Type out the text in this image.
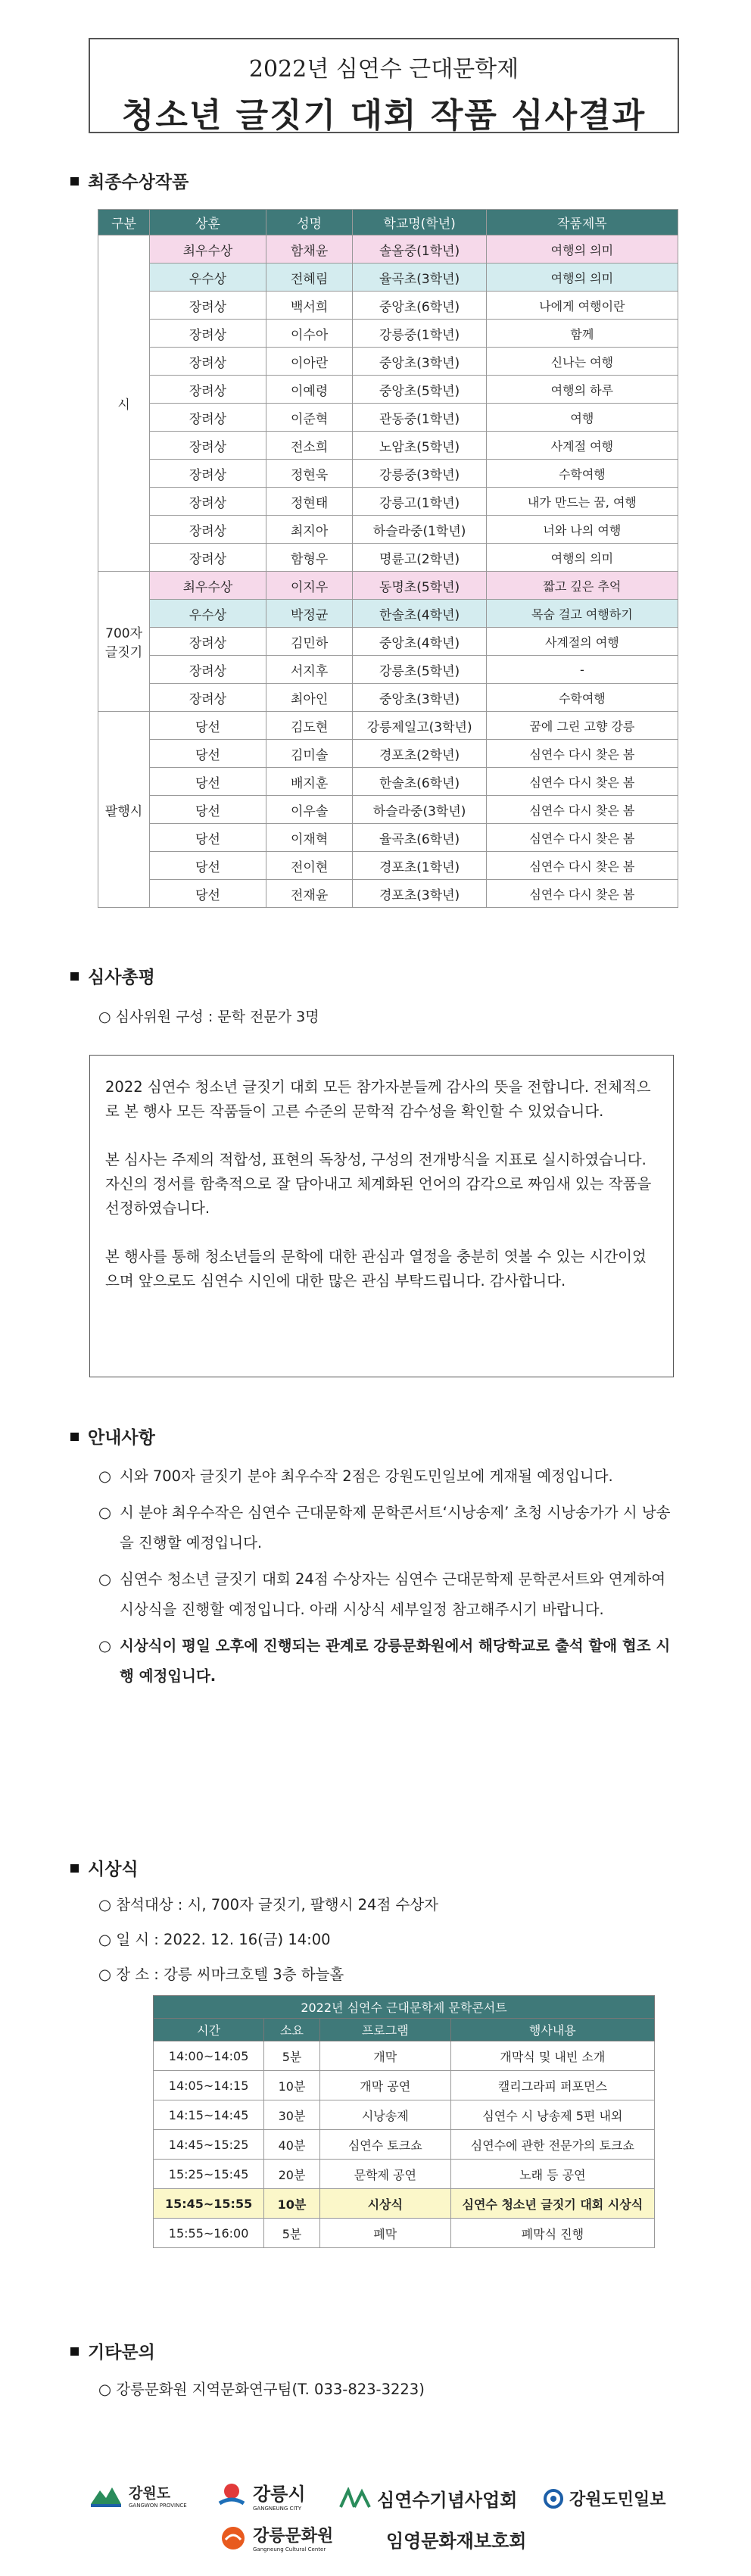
2022년 심연수 근대문학제
청소년 글짓기 대회 작품 심사결과
최종수상작품
구분	상훈	성명	학교명(학년)	작품제목
시	최우수상	함채윤	솔올중(1학년)	여행의 의미
	우수상	전혜림	율곡초(3학년)	여행의 의미
	장려상	백서희	중앙초(6학년)	나에게 여행이란
	장려상	이수아	강릉중(1학년)	함께
	장려상	이아란	중앙초(3학년)	신나는 여행
	장려상	이예령	중앙초(5학년)	여행의 하루
	장려상	이준혁	관동중(1학년)	여행
	장려상	전소희	노암초(5학년)	사계절 여행
	장려상	정현욱	강릉중(3학년)	수학여행
	장려상	정현태	강릉고(1학년)	내가 만드는 꿈, 여행
	장려상	최지아	하슬라중(1학년)	너와 나의 여행
	장려상	함형우	명륜고(2학년)	여행의 의미
700자
글짓기	최우수상	이지우	동명초(5학년)	짧고 깊은 추억
	우수상	박정균	한솔초(4학년)	목숨 걸고 여행하기
	장려상	김민하	중앙초(4학년)	사계절의 여행
	장려상	서지후	강릉초(5학년)	-
	장려상	최아인	중앙초(3학년)	수학여행
팔행시	당선	김도현	강릉제일고(3학년)	꿈에 그린 고향 강릉
	당선	김미솔	경포초(2학년)	심연수 다시 찾은 봄
	당선	배지훈	한솔초(6학년)	심연수 다시 찾은 봄
	당선	이우솔	하슬라중(3학년)	심연수 다시 찾은 봄
	당선	이재혁	율곡초(6학년)	심연수 다시 찾은 봄
	당선	전이현	경포초(1학년)	심연수 다시 찾은 봄
	당선	전재윤	경포초(3학년)	심연수 다시 찾은 봄
심사총평
○ 심사위원 구성 : 문학 전문가 3명

2022 심연수 청소년 글짓기 대회 모든 참가자분들께 감사의 뜻을 전합니다. 전체적으로 본 행사 모든 작품들이 고른 수준의 문학적 감수성을 확인할 수 있었습니다.

본 심사는 주제의 적합성, 표현의 독창성, 구성의 전개방식을 지표로 실시하였습니다. 자신의 정서를 함축적으로 잘 담아내고 체계화된 언어의 감각으로 짜임새 있는 작품을 선정하였습니다.

본 행사를 통해 청소년들의 문학에 대한 관심과 열정을 충분히 엿볼 수 있는 시간이었으며 앞으로도 심연수 시인에 대한 많은 관심 부탁드립니다. 감사합니다.

안내사항
○ 시와 700자 글짓기 분야 최우수작 2점은 강원도민일보에 게재될 예정입니다.
○ 시 분야 최우수작은 심연수 근대문학제 문학콘서트‘시낭송제’ 초청 시낭송가가 시 낭송을 진행할 예정입니다.
○ 심연수 청소년 글짓기 대회 24점 수상자는 심연수 근대문학제 문학콘서트와 연계하여 시상식을 진행할 예정입니다. 아래 시상식 세부일정 참고해주시기 바랍니다.
○ 시상식이 평일 오후에 진행되는 관계로 강릉문화원에서 해당학교로 출석 할애 협조 시행 예정입니다.
시상식
○ 참석대상 : 시, 700자 글짓기, 팔행시 24점 수상자
○ 일 시 : 2022. 12. 16(금) 14:00
○ 장 소 : 강릉 씨마크호텔 3층 하늘홀
2022년 심연수 근대문학제 문학콘서트			
시간	소요	프로그램	행사내용
14:00~14:05	5분	개막	개막식 및 내빈 소개
14:05~14:15	10분	개막 공연	캘리그라피 퍼포먼스
14:15~14:45	30분	시낭송제	심연수 시 낭송제 5편 내외
14:45~15:25	40분	심연수 토크쇼	심연수에 관한 전문가의 토크쇼
15:25~15:45	20분	문학제 공연	노래 등 공연
15:45~15:55	10분	시상식	심연수 청소년 글짓기 대회 시상식
15:55~16:00	5분	폐막	폐막식 진행
기타문의
○ 강릉문화원 지역문화연구팀(T. 033-823-3223)
강원도
GANGWON PROVINCE
강릉시
GANGNEUNG CITY	심연수기념사업회	강원도민일보
강릉문화원
Gangneung Cultural Center	임영문화재보호회
